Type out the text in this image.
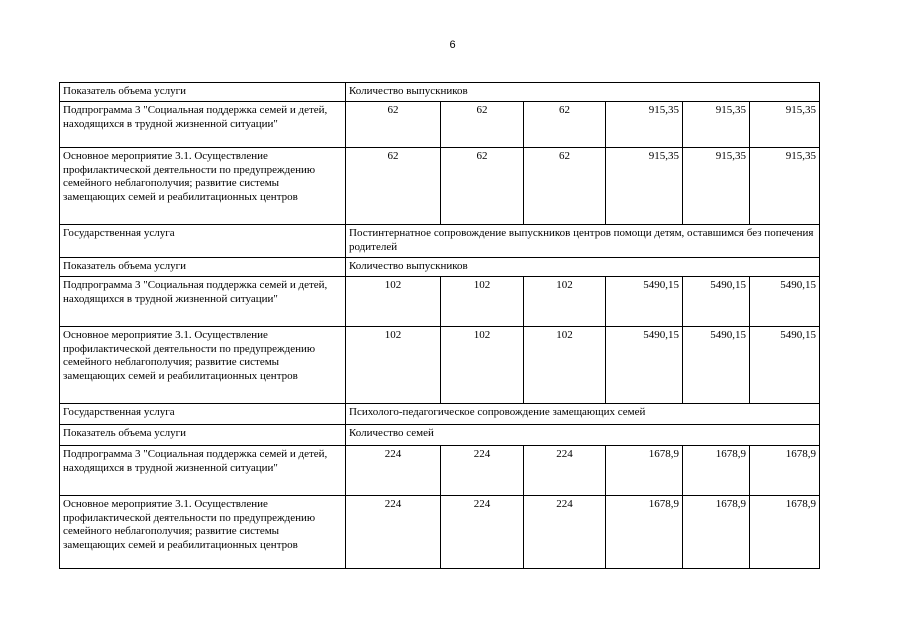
6
Показатель объема услуги	Количество выпускников					
Подпрограмма 3 "Социальная поддержка семей и детей, находящихся в трудной жизненной ситуации"	62	62	62	915,35	915,35	915,35
Основное мероприятие 3.1. Осуществление профилактической деятельности по предупреждению семейного неблагополучия; развитие системы замещающих семей и реабилитационных центров	62	62	62	915,35	915,35	915,35
Государственная услуга	Постинтернатное сопровождение выпускников центров помощи детям, оставшимся без попечения родителей					
Показатель объема услуги	Количество выпускников					
Подпрограмма 3 "Социальная поддержка семей и детей, находящихся в трудной жизненной ситуации"	102	102	102	5490,15	5490,15	5490,15
Основное мероприятие 3.1. Осуществление профилактической деятельности по предупреждению семейного неблагополучия; развитие системы замещающих семей и реабилитационных центров	102	102	102	5490,15	5490,15	5490,15
Государственная услуга	Психолого-педагогическое сопровождение замещающих семей					
Показатель объема услуги	Количество семей					
Подпрограмма 3 "Социальная поддержка семей и детей, находящихся в трудной жизненной ситуации"	224	224	224	1678,9	1678,9	1678,9
Основное мероприятие 3.1. Осуществление профилактической деятельности по предупреждению семейного неблагополучия; развитие системы замещающих семей и реабилитационных центров	224	224	224	1678,9	1678,9	1678,9
